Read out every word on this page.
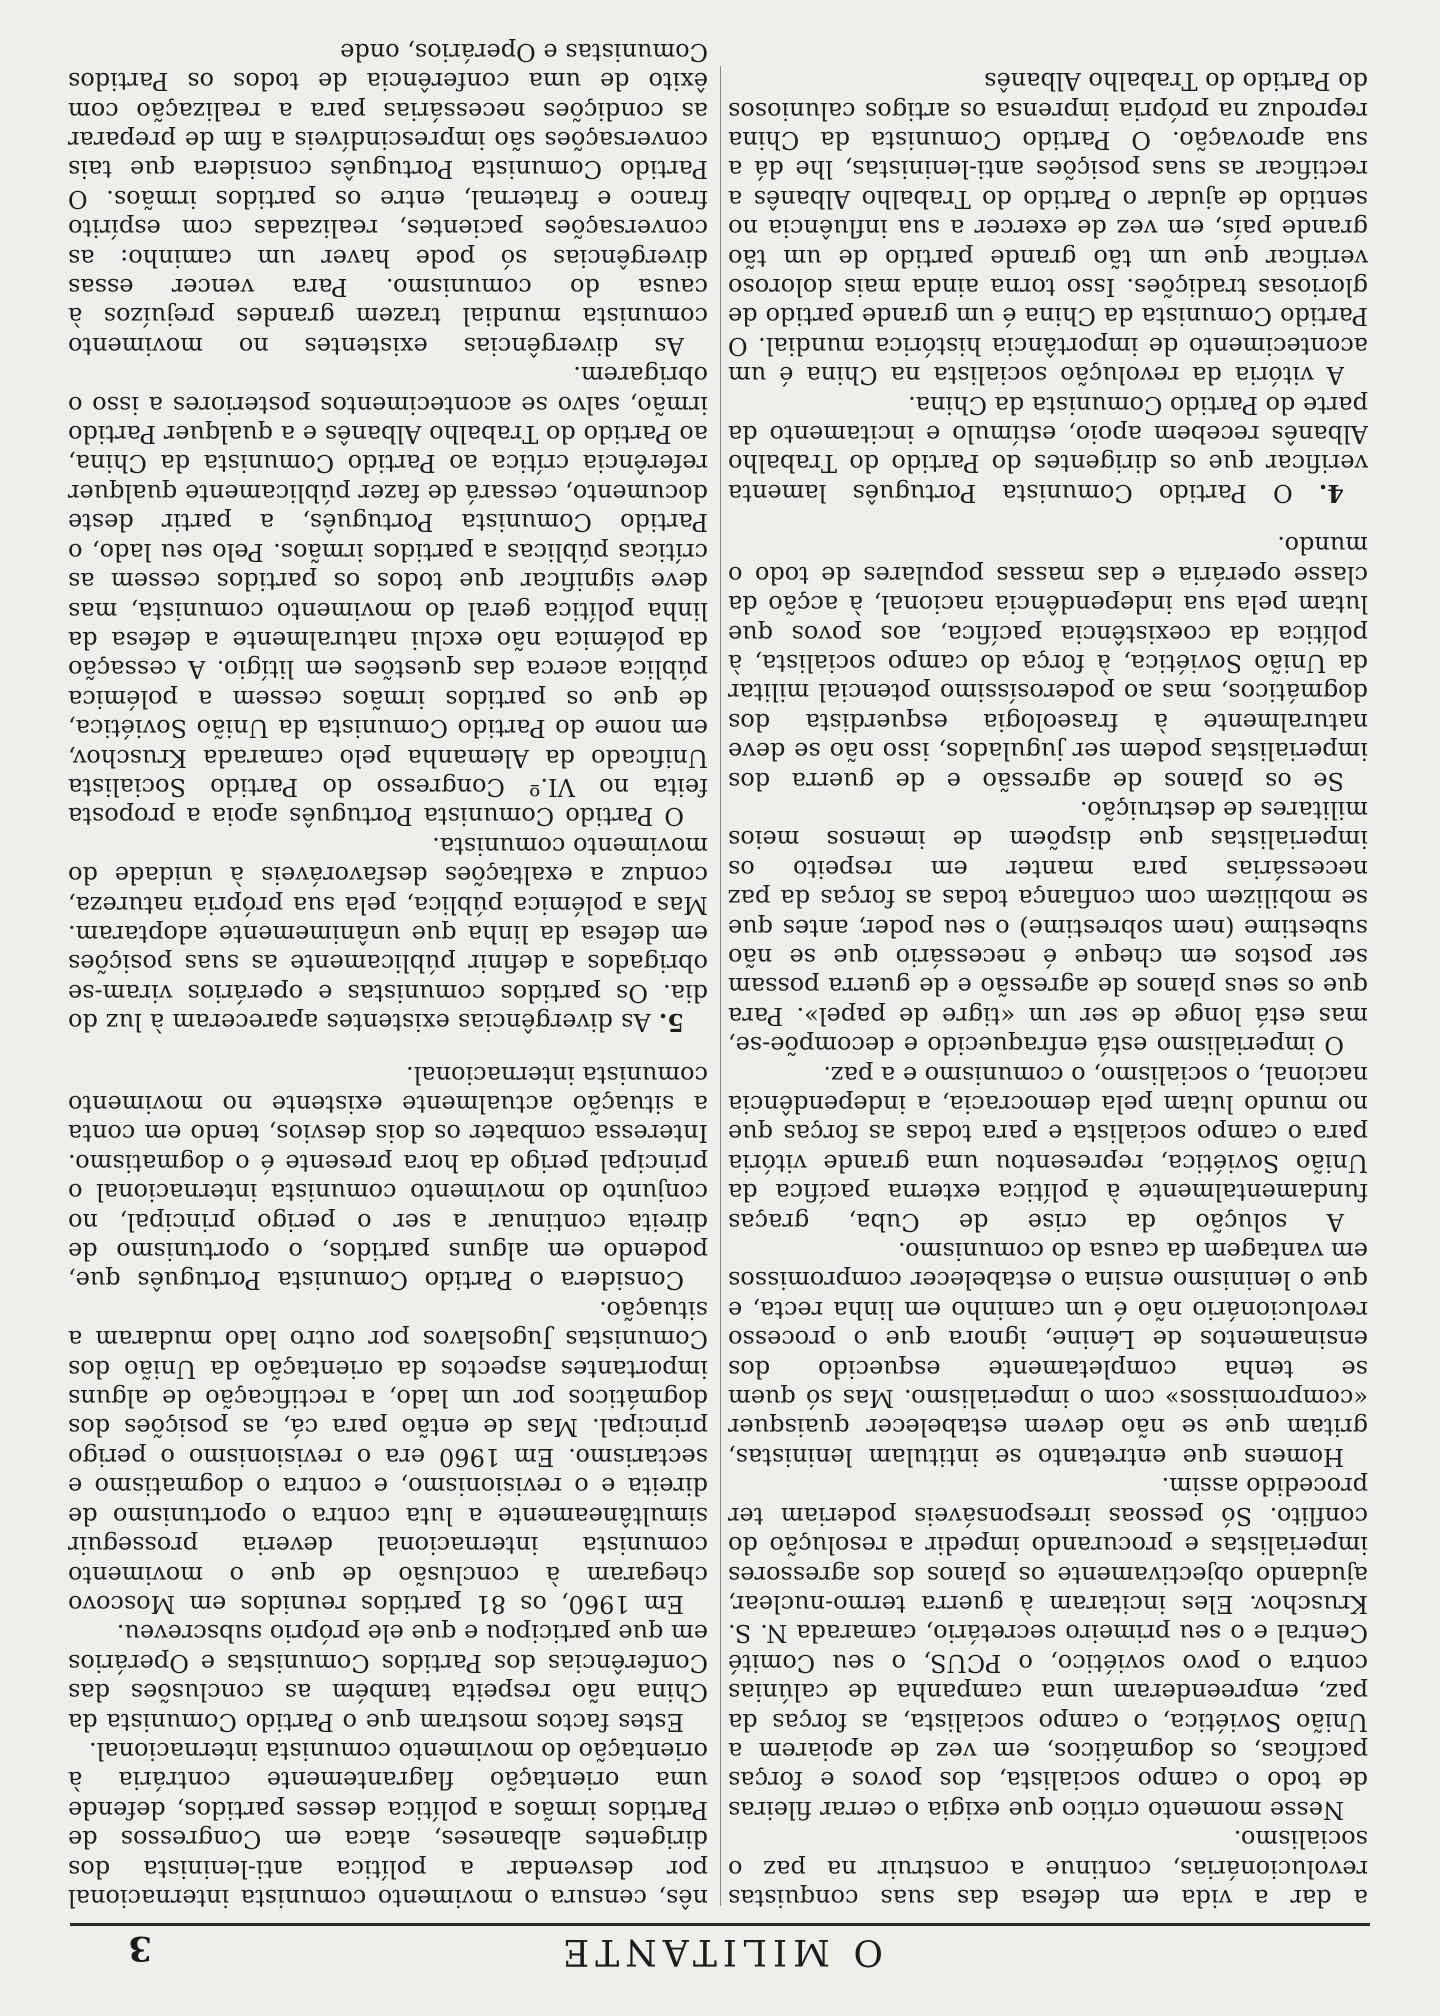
O MILITANTE
3

a dar a vida em defesa das suas conquistas revolucionárias, continue a construir na paz o socialismo.

Nesse momento crítico que exigia o cerrar fileiras de todo o campo socialista, dos povos e forças pacíficas, os dogmáticos, em vez de apoiarem a União Soviética, o campo socialista, as forças da paz, empreenderam uma campanha de calúnias contra o povo soviético, o PCUS, o seu Comité Central e o seu primeiro secretário, camarada N. S. Kruschov. Eles incitaram à guerra termo-nuclear, ajudando objectivamente os planos dos agressores imperialistas e procurando impedir a resolução do conflito. Só pessoas irresponsáveis poderiam ter procedido assim.

Homens que entretanto se intitulam leninistas, gritam que se não devem estabelecer quaisquer «compromissos» com o imperialismo. Mas só quem se tenha completamente esquecido dos ensinamentos de Lénine, ignora que o processo revolucionário não é um caminho em linha recta, e que o leninismo ensina o estabelecer compromissos em vantagem da causa do comunismo.

A solução da crise de Cuba, graças fundamentalmente à política externa pacífica da União Soviética, representou uma grande vitória para o campo socialista e para todas as forças que no mundo lutam pela democracia, a independência nacional, o socialismo, o comunismo e a paz.

O imperialismo está enfraquecido e decompõe-se, mas está longe de ser um «tigre de papel». Para que os seus planos de agressão e de guerra possam ser postos em cheque é necessário que se não subestime (nem sobrestime) o seu poder, antes que se mobilizem com confiança todas as forças da paz necessárias para manter em respeito os imperialistas que dispõem de imensos meios militares de destruição.

Se os planos de agressão e de guerra dos imperialistas podem ser jugulados, isso não se deve naturalmente à fraseologia esquerdista dos dogmáticos, mas ao poderosíssimo potencial militar da União Soviética, à força do campo socialista, à política da coexistência pacífica, aos povos que lutam pela sua independência nacional, à acção da classe operária e das massas populares de todo o mundo.

4. O Partido Comunista Português lamenta verificar que os dirigentes do Partido do Trabalho Albanês recebem apoio, estímulo e incitamento da parte do Partido Comunista da China.

A vitória da revolução socialista na China é um acontecimento de importância histórica mundial. O Partido Comunista da China é um grande partido de gloriosas tradições. Isso torna ainda mais doloroso verificar que um tão grande partido de um tão grande país, em vez de exercer a sua influência no sentido de ajudar o Partido do Trabalho Albanês a rectificar as suas posições anti-leninistas, lhe dá a sua aprovação. O Partido Comunista da China reproduz na própria imprensa os artigos caluniosos do Partido do Trabalho Albanês

nês, censura o movimento comunista internacional por desvendar a política anti-leninista dos dirigentes albaneses, ataca em Congressos de Partidos irmãos a política desses partidos, defende uma orientação flagrantemente contrária à orientação do movimento comunista internacional.

Estes factos mostram que o Partido Comunista da China não respeita também as conclusões das Conferências dos Partidos Comunistas e Operários em que participou e que ele próprio subscreveu.

Em 1960, os 81 partidos reunidos em Moscovo chegaram à conclusão de que o movimento comunista internacional deveria prosseguir simultâneamente a luta contra o oportunismo de direita e o revisionismo, e contra o dogmatismo e sectarismo. Em 1960 era o revisionismo o perigo principal. Mas de então para cá, as posições dos dogmáticos por um lado, a rectificação de alguns importantes aspectos da orientação da União dos Comunistas Jugoslavos por outro lado mudaram a situação.

Considera o Partido Comunista Português que, podendo em alguns partidos, o oportunismo de direita continuar a ser o perigo principal, no conjunto do movimento comunista internacional o principal perigo da hora presente é o dogmatismo. Interessa combater os dois desvios, tendo em conta a situação actualmente existente no movimento comunista internacional.

5. As divergências existentes apareceram à luz do dia. Os partidos comunistas e operários viram-se obrigados a definir públicamente as suas posições em defesa da linha que unânimemente adoptaram. Mas a polémica pública, pela sua própria natureza, conduz a exaltações desfavoráveis à unidade do movimento comunista.

O Partido Comunista Português apoia a proposta feita no VI.º Congresso do Partido Socialista Unificado da Alemanha pelo camarada Kruschov, em nome do Partido Comunista da União Soviética, de que os partidos irmãos cessem a polémica pública acerca das questões em litígio. A cessação da polémica não exclui naturalmente a defesa da linha política geral do movimento comunista, mas deve significar que todos os partidos cessem as críticas públicas a partidos irmãos. Pelo seu lado, o Partido Comunista Português, a partir deste documento, cessará de fazer públicamente qualquer referência crítica ao Partido Comunista da China, ao Partido do Trabalho Albanês e a qualquer Partido irmão, salvo se acontecimentos posteriores a isso o obrigarem.

As divergências existentes no movimento comunista mundial trazem grandes prejuízos à causa do comunismo. Para vencer essas divergências só pode haver um caminho: as conversações pacientes, realizadas com espírito franco e fraternal, entre os partidos irmãos. O Partido Comunista Português considera que tais conversações são imprescindíveis a fim de preparar as condições necessárias para a realização com êxito de uma conferência de todos os Partidos Comunistas e Operários, onde
